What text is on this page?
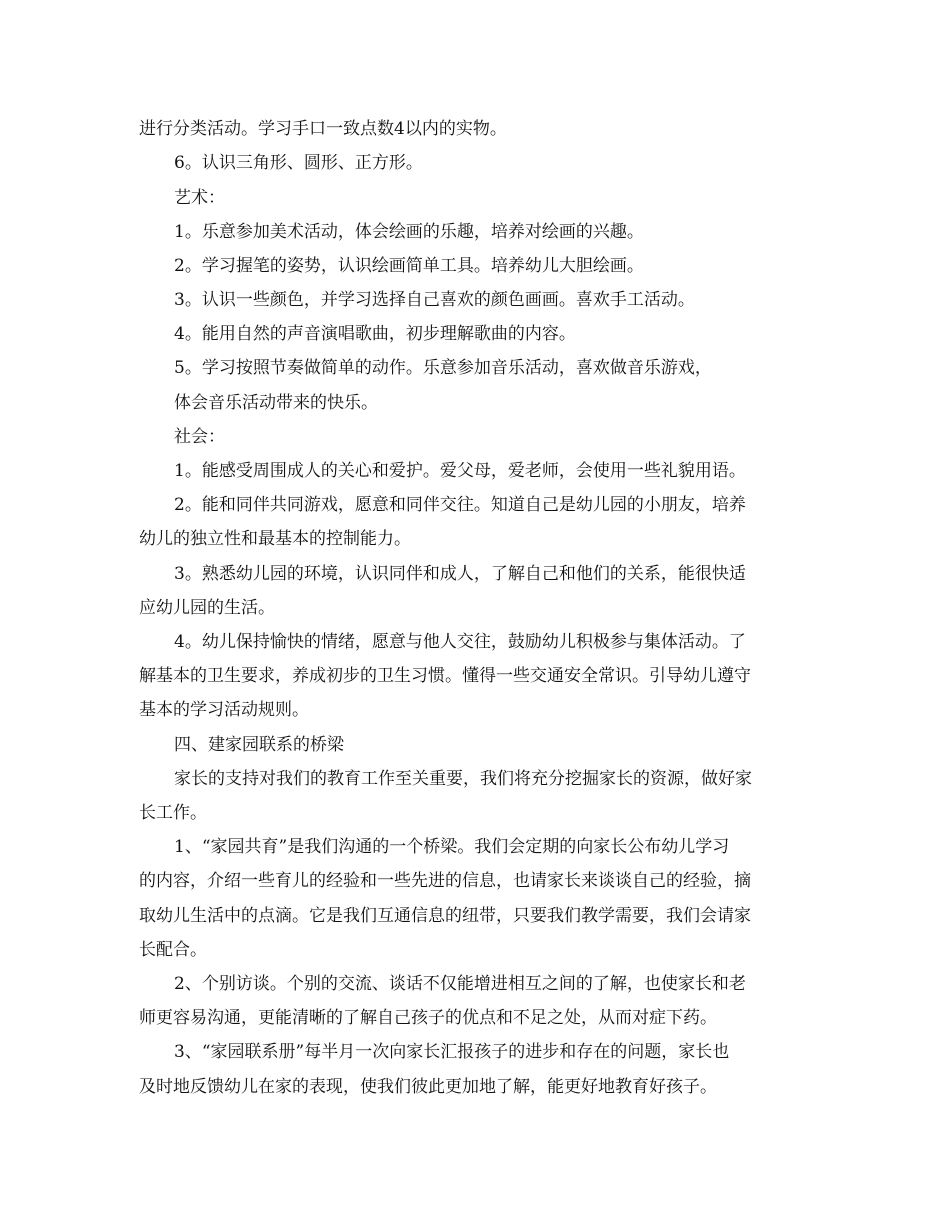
进行分类活动。学习手口一致点数4以内的实物。
6。认识三角形、圆形、正方形。
艺术：
1。乐意参加美术活动，体会绘画的乐趣，培养对绘画的兴趣。
2。学习握笔的姿势，认识绘画简单工具。培养幼儿大胆绘画。
3。认识一些颜色，并学习选择自己喜欢的颜色画画。喜欢手工活动。
4。能用自然的声音演唱歌曲，初步理解歌曲的内容。
5。学习按照节奏做简单的动作。乐意参加音乐活动，喜欢做音乐游戏，
体会音乐活动带来的快乐。
社会：
1。能感受周围成人的关心和爱护。爱父母，爱老师，会使用一些礼貌用语。
2。能和同伴共同游戏，愿意和同伴交往。知道自己是幼儿园的小朋友，培养
幼儿的独立性和最基本的控制能力。
3。熟悉幼儿园的环境，认识同伴和成人，了解自己和他们的关系，能很快适
应幼儿园的生活。
4。幼儿保持愉快的情绪，愿意与他人交往，鼓励幼儿积极参与集体活动。了
解基本的卫生要求，养成初步的卫生习惯。懂得一些交通安全常识。引导幼儿遵守
基本的学习活动规则。
四、建家园联系的桥梁
家长的支持对我们的教育工作至关重要，我们将充分挖掘家长的资源，做好家
长工作。
1、“家园共育”是我们沟通的一个桥梁。我们会定期的向家长公布幼儿学习
的内容，介绍一些育儿的经验和一些先进的信息，也请家长来谈谈自己的经验，摘
取幼儿生活中的点滴。它是我们互通信息的纽带，只要我们教学需要，我们会请家
长配合。
2、个别访谈。个别的交流、谈话不仅能增进相互之间的了解，也使家长和老
师更容易沟通，更能清晰的了解自己孩子的优点和不足之处，从而对症下药。
3、“家园联系册”每半月一次向家长汇报孩子的进步和存在的问题，家长也
及时地反馈幼儿在家的表现，使我们彼此更加地了解，能更好地教育好孩子。
